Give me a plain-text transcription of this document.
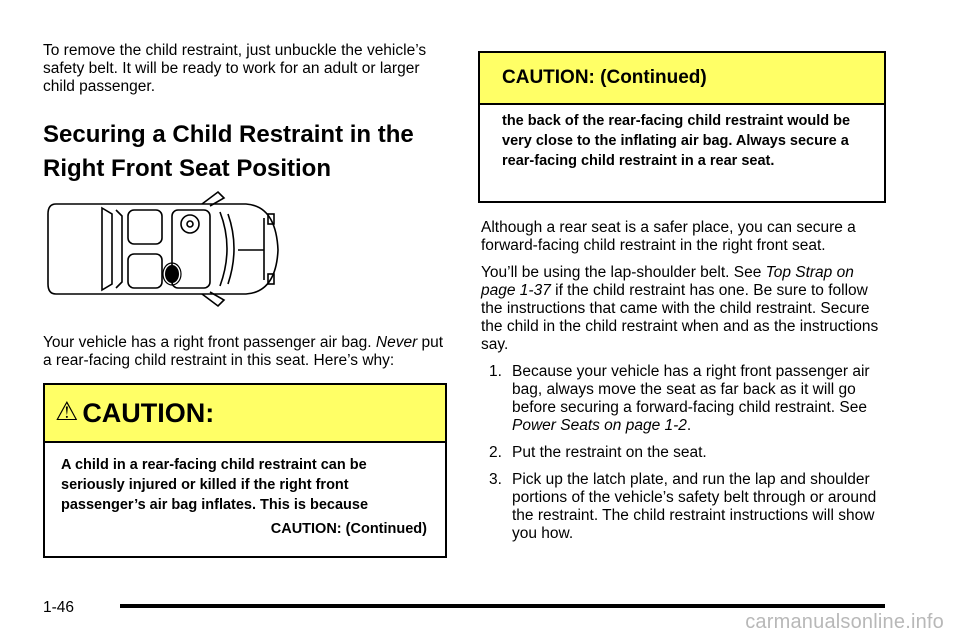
To remove the child restraint, just unbuckle the vehicle’s safety belt. It will be ready to work for an adult or larger child passenger.
Securing a Child Restraint in the
Right Front Seat Position
Your vehicle has a right front passenger air bag. Never put a rear-facing child restraint in this seat. Here’s why:
⚠ CAUTION:
A child in a rear-facing child restraint can be seriously injured or killed if the right front passenger’s air bag inflates. This is because
CAUTION: (Continued)
CAUTION: (Continued)
the back of the rear-facing child restraint would be very close to the inflating air bag. Always secure a rear-facing child restraint in a rear seat.

Although a rear seat is a safer place, you can secure a forward-facing child restraint in the right front seat.

You’ll be using the lap-shoulder belt. See Top Strap on page 1-37 if the child restraint has one. Be sure to follow the instructions that came with the child restraint. Secure the child in the child restraint when and as the instructions say.

1. Because your vehicle has a right front passenger air bag, always move the seat as far back as it will go before securing a forward-facing child restraint. See Power Seats on page 1-2.
2. Put the restraint on the seat.
3. Pick up the latch plate, and run the lap and shoulder portions of the vehicle’s safety belt through or around the restraint. The child restraint instructions will show you how.
1-46
carmanualsonline.info
